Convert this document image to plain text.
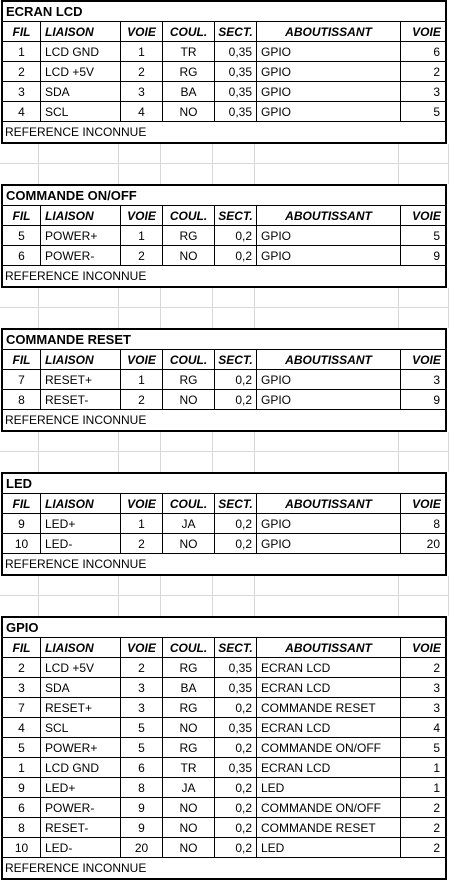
ECRAN LCD
FIL	LIAISON	VOIE	COUL. SECT.	ABOUTISSANT	VOIE
1	LCD GND	1	TR	0,35 GPIO	6
2	LCD +5V	2	RG	0,35 GPIO	2
3	SDA	3	BA	0,35 GPIO	3
4	SCL	4	NO	0,35 GPIO	5
REFERENCE INCONNUE
COMMANDE ON/OFF
FIL	LIAISON	VOIE	COUL. SECT.	ABOUTISSANT	VOIE
5	POWER+	1	RG	0,2 GPIO	5
6	POWER-	2	NO	0,2 GPIO	9
REFERENCE INCONNUE
COMMANDE RESET
FIL	LIAISON	VOIE	COUL. SECT.	ABOUTISSANT	VOIE
7	RESET+	1	RG	0,2 GPIO	3
8	RESET-	2	NO	0,2 GPIO	9
REFERENCE INCONNUE
LED
FIL	LIAISON	VOIE	COUL. SECT.	ABOUTISSANT	VOIE
9	LED+	1	JA	0,2 GPIO	8
10	LED-	2	NO	0,2 GPIO	20
REFERENCE INCONNUE
GPIO
FIL	LIAISON	VOIE	COUL. SECT.	ABOUTISSANT	VOIE
2	LCD +5V	2	RG	0,35 ECRAN LCD	2
3	SDA	3	BA	0,35 ECRAN LCD	3
7	RESET+	3	RG	0,2 COMMANDE RESET	3
4	SCL	5	NO	0,35 ECRAN LCD	4
5	POWER+	5	RG	0,2 COMMANDE ON/OFF	5
1	LCD GND	6	TR	0,35 ECRAN LCD	1
9	LED+	8	JA	0,2 LED	1
6	POWER-	9	NO	0,2 COMMANDE ON/OFF	2
8	RESET-	9	NO	0,2 COMMANDE RESET	2
10	LED-	20	NO	0,2 LED	2
REFERENCE INCONNUE
